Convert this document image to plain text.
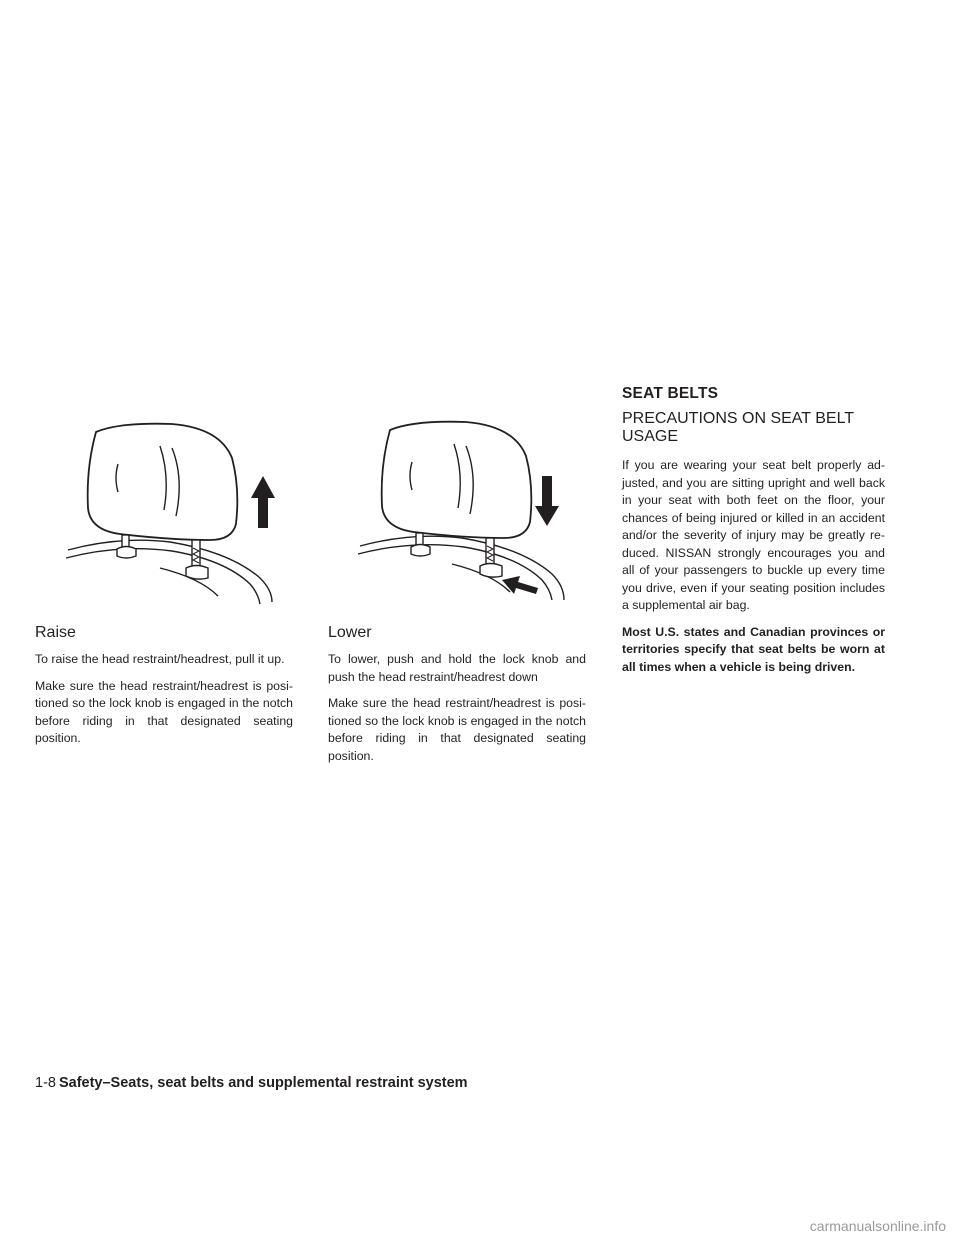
Raise

To raise the head restraint/headrest, pull it up.

Make sure the head restraint/headrest is posi-tioned so the lock knob is engaged in the notch before riding in that designated seating position.

Lower

To lower, push and hold the lock knob and push the head restraint/headrest down

Make sure the head restraint/headrest is posi-tioned so the lock knob is engaged in the notch before riding in that designated seating position.

SEAT BELTS
PRECAUTIONS ON SEAT BELT USAGE

If you are wearing your seat belt properly ad-justed, and you are sitting upright and well back in your seat with both feet on the floor, your chances of being injured or killed in an accident and/or the severity of injury may be greatly re-duced. NISSAN strongly encourages you and all of your passengers to buckle up every time you drive, even if your seating position includes a supplemental air bag.

Most U.S. states and Canadian provinces or territories specify that seat belts be worn at all times when a vehicle is being driven.

1-8 Safety–Seats, seat belts and supplemental restraint system
carmanualsonline.info
